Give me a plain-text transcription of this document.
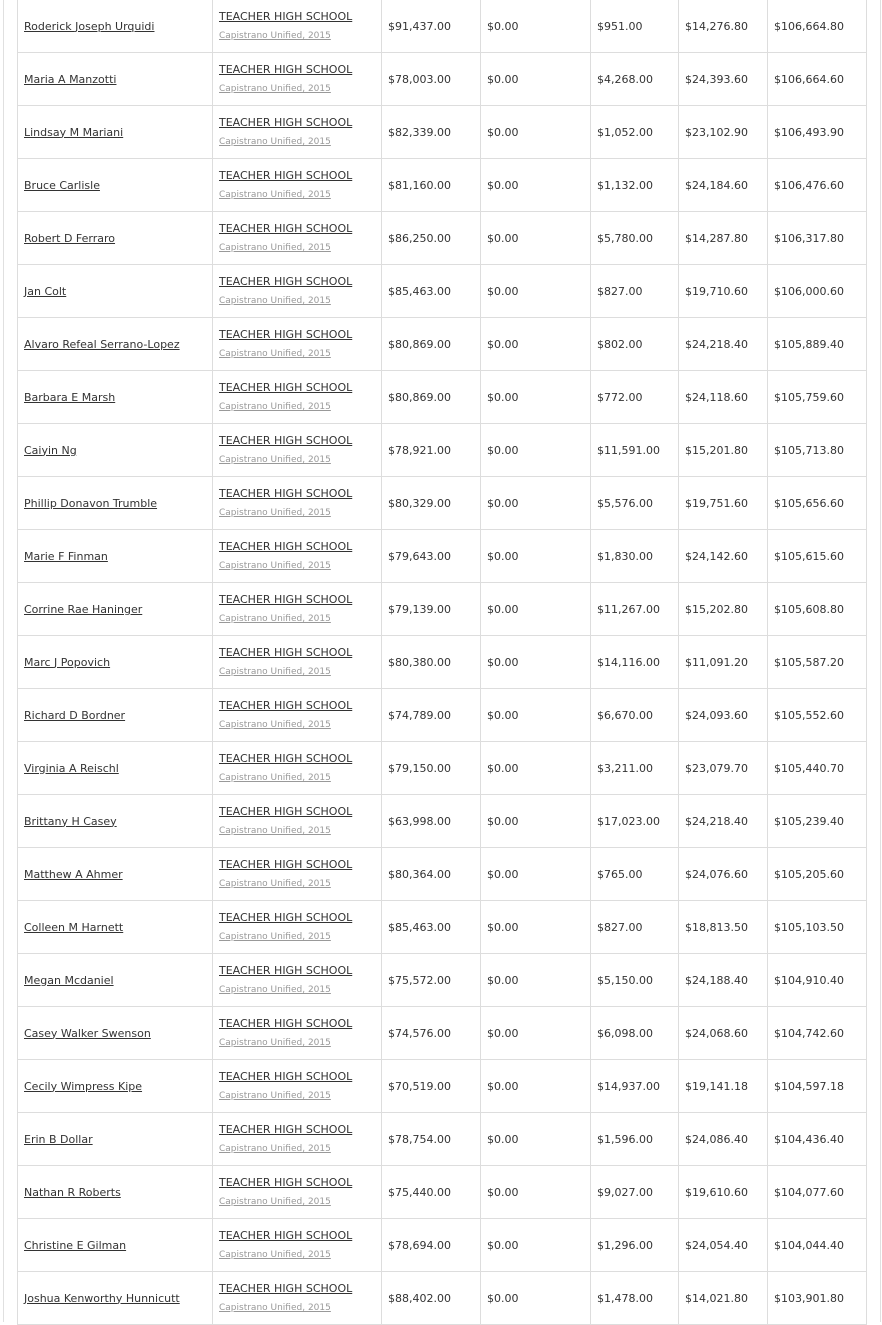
Roderick Joseph Urquidi	TEACHER HIGH SCHOOL
Capistrano Unified, 2015	$91,437.00	$0.00	$951.00	$14,276.80	$106,664.80
Maria A Manzotti	TEACHER HIGH SCHOOL
Capistrano Unified, 2015	$78,003.00	$0.00	$4,268.00	$24,393.60	$106,664.60
Lindsay M Mariani	TEACHER HIGH SCHOOL
Capistrano Unified, 2015	$82,339.00	$0.00	$1,052.00	$23,102.90	$106,493.90
Bruce Carlisle	TEACHER HIGH SCHOOL
Capistrano Unified, 2015	$81,160.00	$0.00	$1,132.00	$24,184.60	$106,476.60
Robert D Ferraro	TEACHER HIGH SCHOOL
Capistrano Unified, 2015	$86,250.00	$0.00	$5,780.00	$14,287.80	$106,317.80
Jan Colt	TEACHER HIGH SCHOOL
Capistrano Unified, 2015	$85,463.00	$0.00	$827.00	$19,710.60	$106,000.60
Alvaro Refeal Serrano-Lopez	TEACHER HIGH SCHOOL
Capistrano Unified, 2015	$80,869.00	$0.00	$802.00	$24,218.40	$105,889.40
Barbara E Marsh	TEACHER HIGH SCHOOL
Capistrano Unified, 2015	$80,869.00	$0.00	$772.00	$24,118.60	$105,759.60
Caiyin Ng	TEACHER HIGH SCHOOL
Capistrano Unified, 2015	$78,921.00	$0.00	$11,591.00	$15,201.80	$105,713.80
Phillip Donavon Trumble	TEACHER HIGH SCHOOL
Capistrano Unified, 2015	$80,329.00	$0.00	$5,576.00	$19,751.60	$105,656.60
Marie F Finman	TEACHER HIGH SCHOOL
Capistrano Unified, 2015	$79,643.00	$0.00	$1,830.00	$24,142.60	$105,615.60
Corrine Rae Haninger	TEACHER HIGH SCHOOL
Capistrano Unified, 2015	$79,139.00	$0.00	$11,267.00	$15,202.80	$105,608.80
Marc J Popovich	TEACHER HIGH SCHOOL
Capistrano Unified, 2015	$80,380.00	$0.00	$14,116.00	$11,091.20	$105,587.20
Richard D Bordner	TEACHER HIGH SCHOOL
Capistrano Unified, 2015	$74,789.00	$0.00	$6,670.00	$24,093.60	$105,552.60
Virginia A Reischl	TEACHER HIGH SCHOOL
Capistrano Unified, 2015	$79,150.00	$0.00	$3,211.00	$23,079.70	$105,440.70
Brittany H Casey	TEACHER HIGH SCHOOL
Capistrano Unified, 2015	$63,998.00	$0.00	$17,023.00	$24,218.40	$105,239.40
Matthew A Ahmer	TEACHER HIGH SCHOOL
Capistrano Unified, 2015	$80,364.00	$0.00	$765.00	$24,076.60	$105,205.60
Colleen M Harnett	TEACHER HIGH SCHOOL
Capistrano Unified, 2015	$85,463.00	$0.00	$827.00	$18,813.50	$105,103.50
Megan Mcdaniel	TEACHER HIGH SCHOOL
Capistrano Unified, 2015	$75,572.00	$0.00	$5,150.00	$24,188.40	$104,910.40
Casey Walker Swenson	TEACHER HIGH SCHOOL
Capistrano Unified, 2015	$74,576.00	$0.00	$6,098.00	$24,068.60	$104,742.60
Cecily Wimpress Kipe	TEACHER HIGH SCHOOL
Capistrano Unified, 2015	$70,519.00	$0.00	$14,937.00	$19,141.18	$104,597.18
Erin B Dollar	TEACHER HIGH SCHOOL
Capistrano Unified, 2015	$78,754.00	$0.00	$1,596.00	$24,086.40	$104,436.40
Nathan R Roberts	TEACHER HIGH SCHOOL
Capistrano Unified, 2015	$75,440.00	$0.00	$9,027.00	$19,610.60	$104,077.60
Christine E Gilman	TEACHER HIGH SCHOOL
Capistrano Unified, 2015	$78,694.00	$0.00	$1,296.00	$24,054.40	$104,044.40
Joshua Kenworthy Hunnicutt	TEACHER HIGH SCHOOL
Capistrano Unified, 2015	$88,402.00	$0.00	$1,478.00	$14,021.80	$103,901.80
